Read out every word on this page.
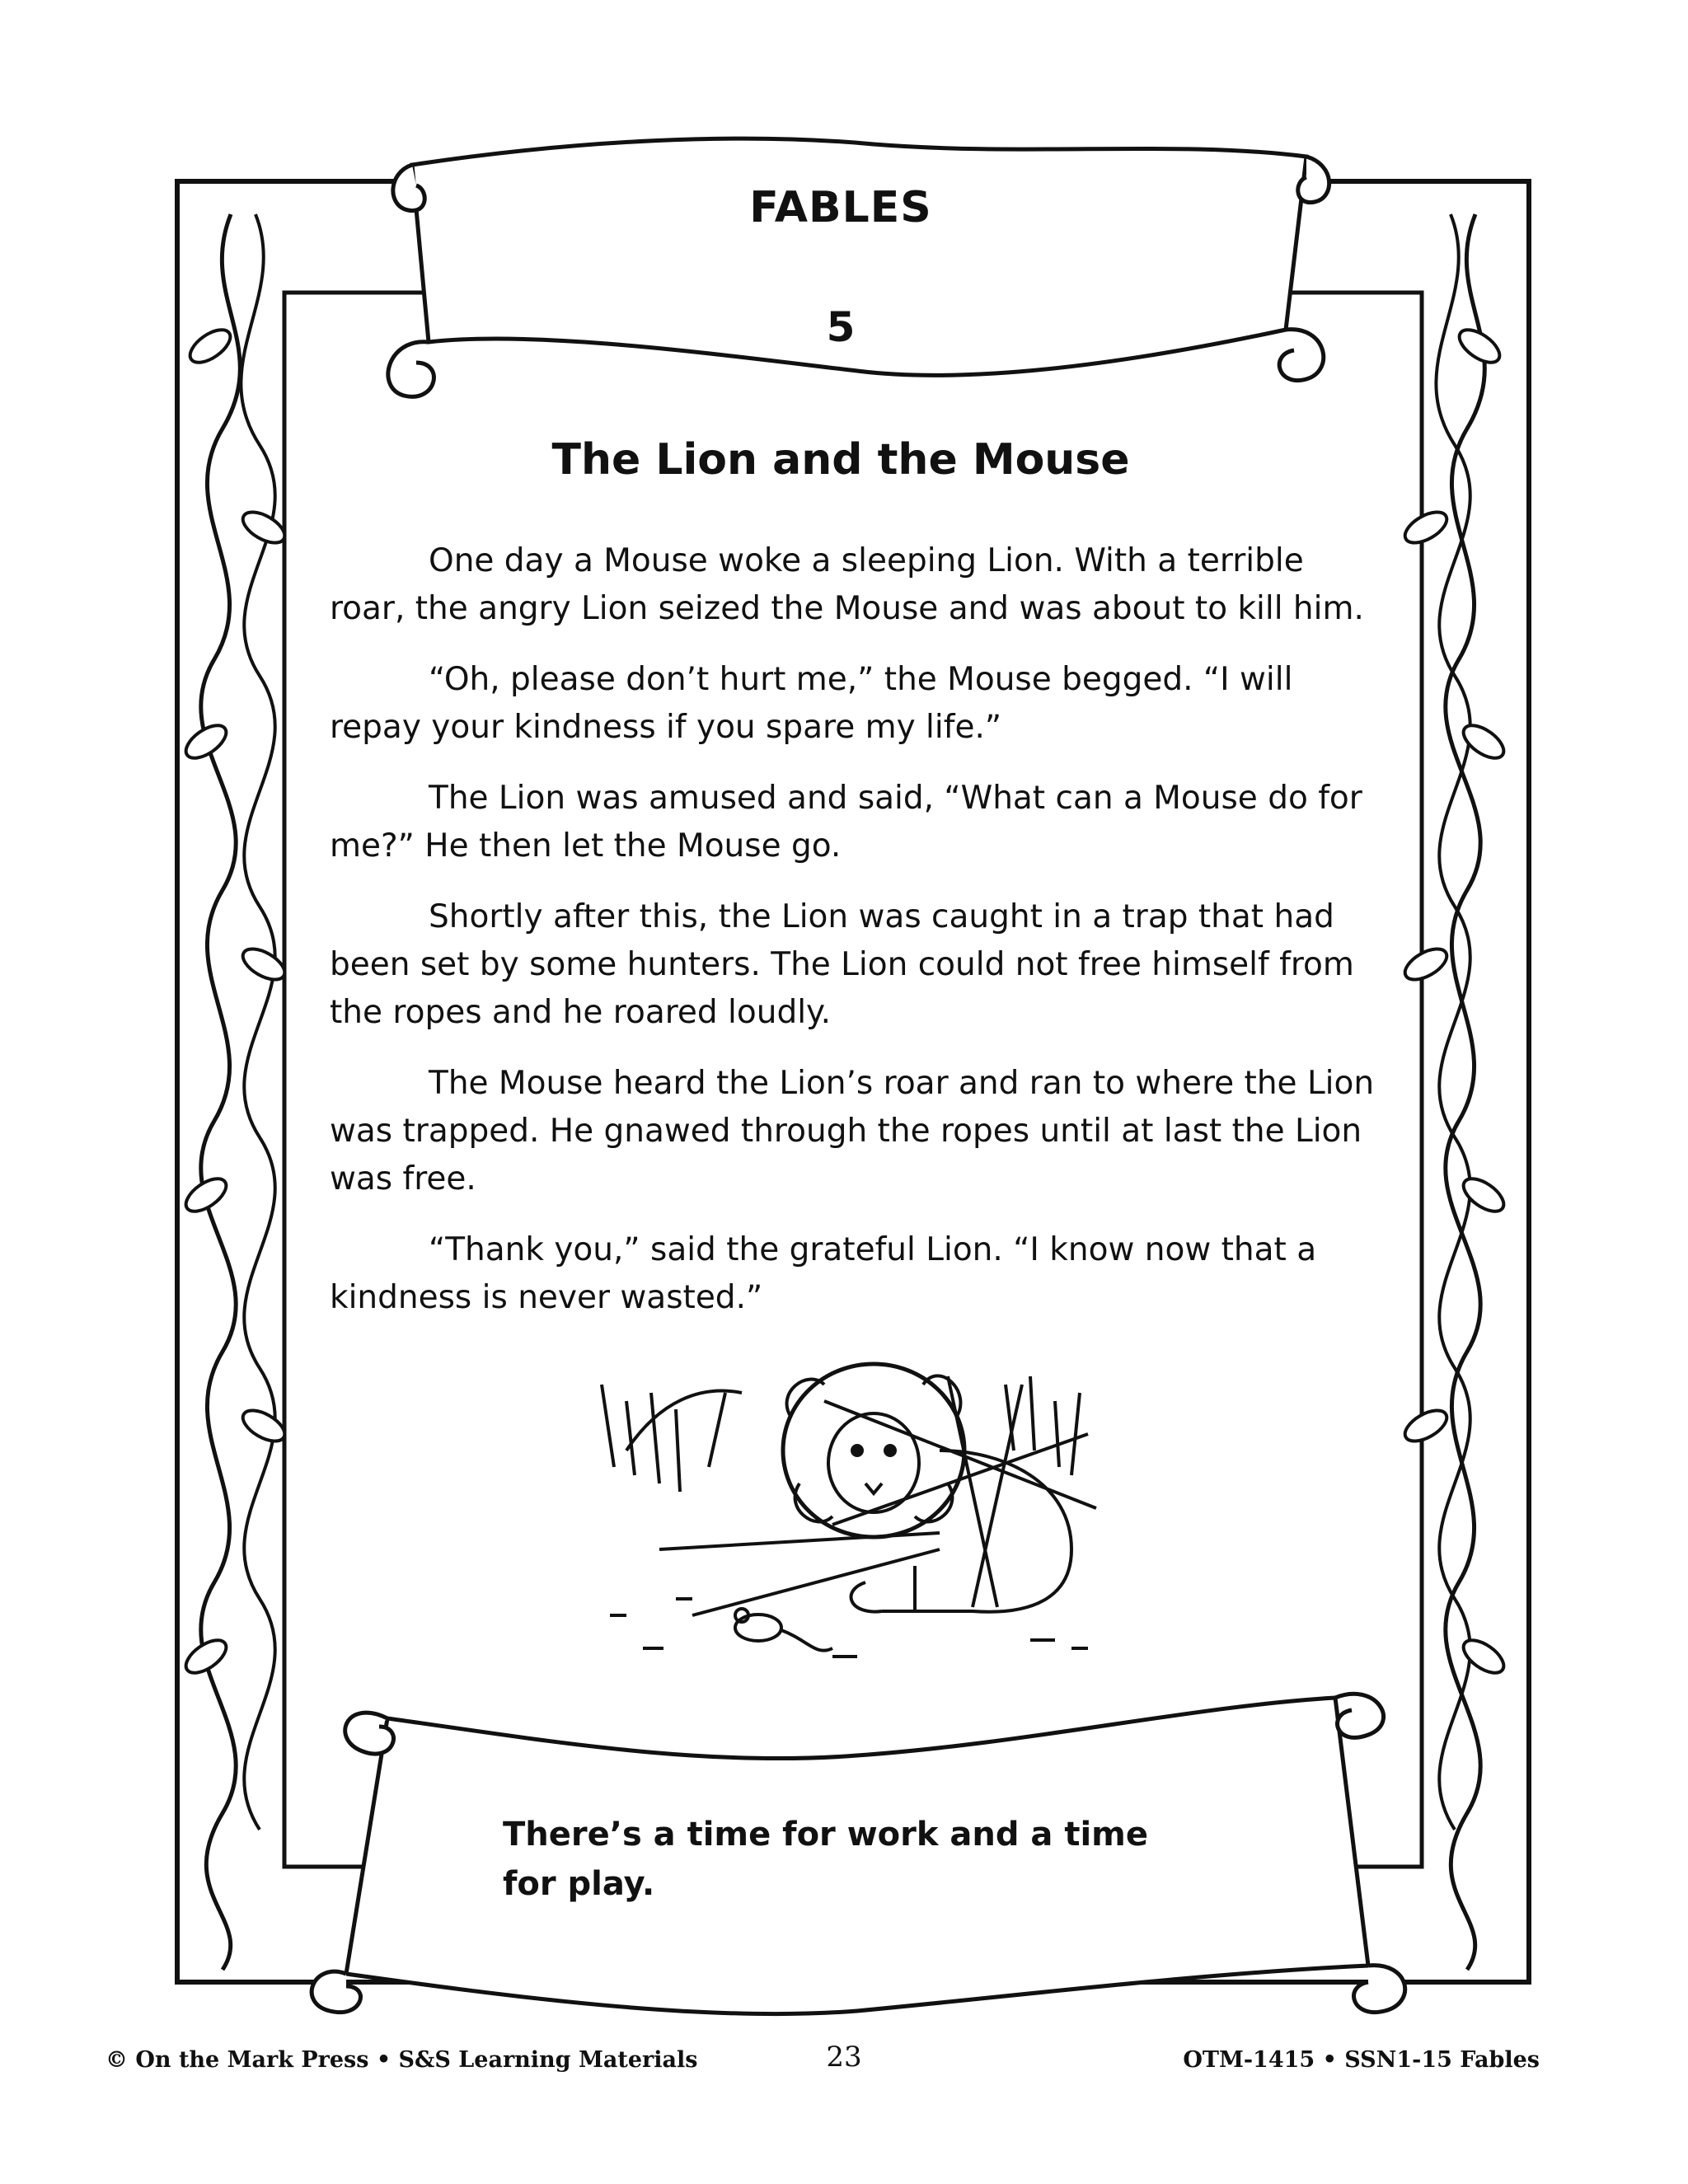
FABLES
5
The Lion and the Mouse

One day a Mouse woke a sleeping Lion. With a terrible roar, the angry Lion seized the Mouse and was about to kill him.

“Oh, please don’t hurt me,” the Mouse begged. “I will repay your kindness if you spare my life.”

The Lion was amused and said, “What can a Mouse do for me?” He then let the Mouse go.

Shortly after this, the Lion was caught in a trap that had been set by some hunters. The Lion could not free himself from the ropes and he roared loudly.

The Mouse heard the Lion’s roar and ran to where the Lion was trapped. He gnawed through the ropes until at last the Lion was free.

“Thank you,” said the grateful Lion. “I know now that a kindness is never wasted.”

There’s a time for work and a time for play.

© On the Mark Press • S&S Learning Materials	23	OTM-1415 • SSN1-15 Fables
